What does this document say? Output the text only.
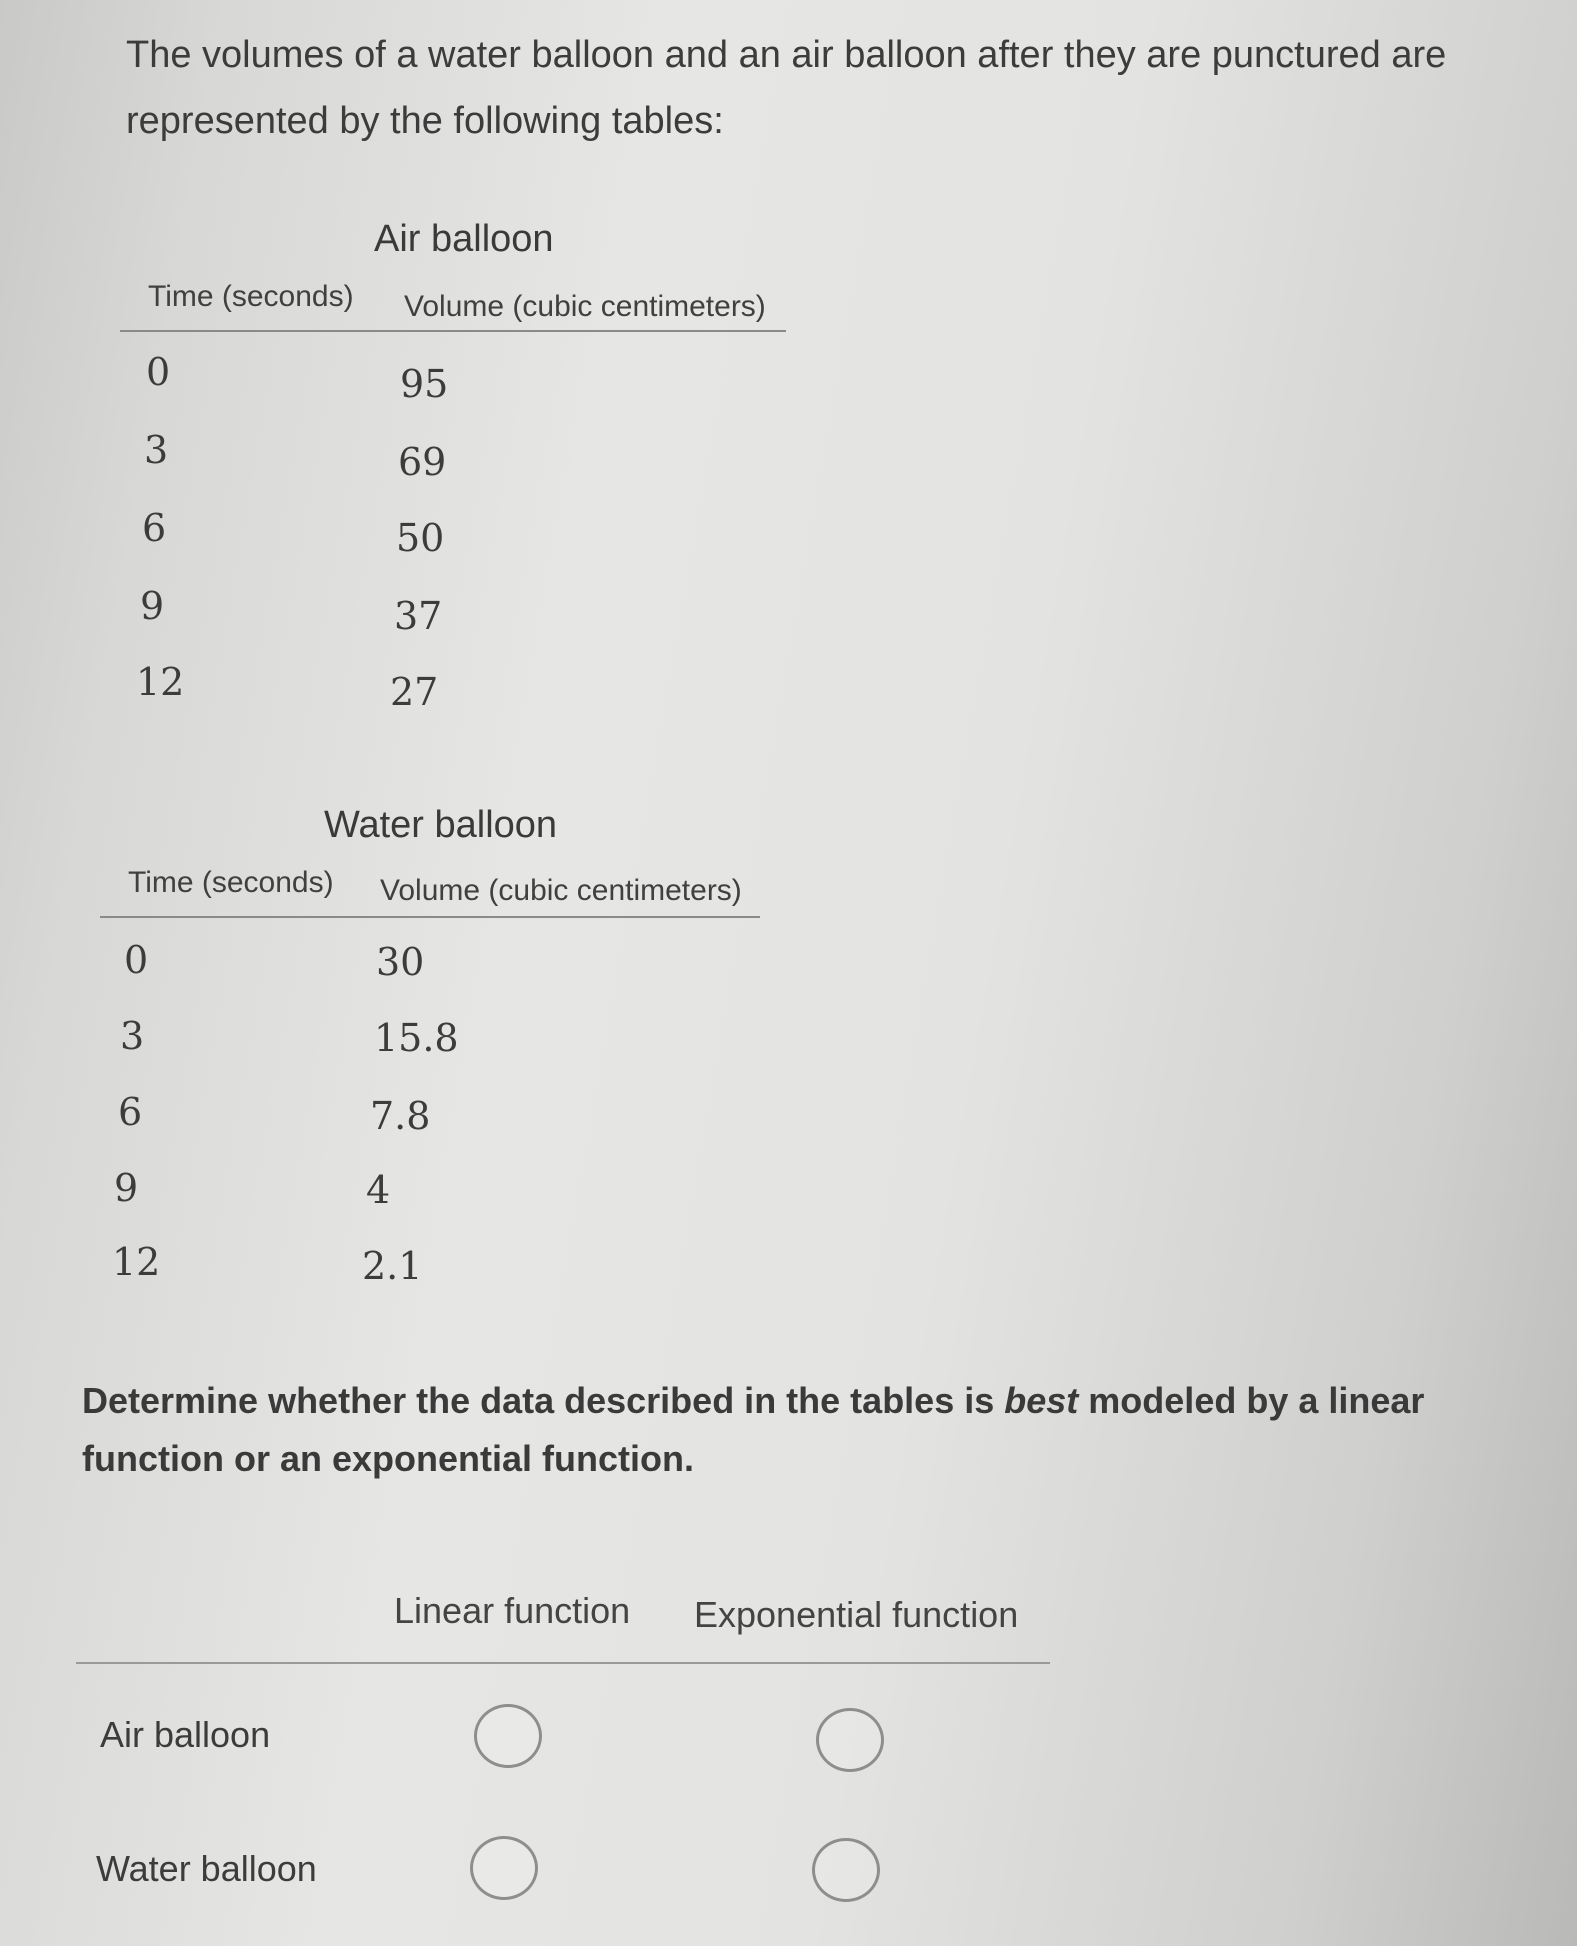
The volumes of a water balloon and an air balloon after they are punctured are represented by the following tables:
Air balloon
Time (seconds) Volume (cubic centimeters)
0	95
3	69
6	50
9	37
12	27
Water balloon
Time (seconds) Volume (cubic centimeters)
0	30
3	15.8
6	7.8
9	4
12	2.1
Determine whether the data described in the tables is best modeled by a linear function or an exponential function.
Linear function Exponential function
Air balloon
Water balloon
